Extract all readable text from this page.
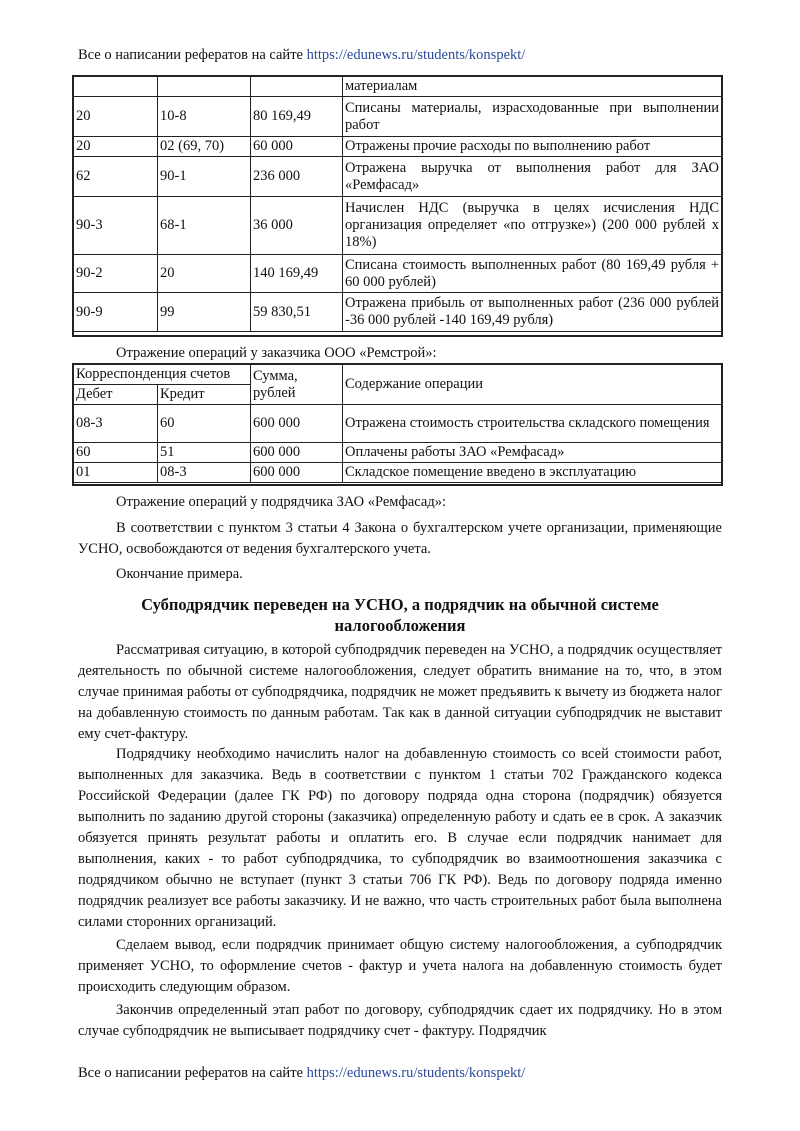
Все о написании рефератов на сайте https://edunews.ru/students/konspekt/
			материалам
20	10-8	80 169,49	Списаны материалы, израсходованные при выполнении работ
20	02 (69, 70)	60 000	Отражены прочие расходы по выполнению работ
62	90-1	236 000	Отражена выручка от выполнения работ для ЗАО «Ремфасад»
90-3	68-1	36 000	Начислен НДС (выручка в целях исчисления НДС организация определяет «по отгрузке») (200 000 рублей х 18%)
90-2	20	140 169,49	Списана стоимость выполненных работ (80 169,49 рубля + 60 000 рублей)
90-9	99	59 830,51	Отражена прибыль от выполненных работ (236 000 рублей -36 000 рублей -140 169,49 рубля)
Отражение операций у заказчика ООО «Ремстрой»:
Корреспонденция счетов		Сумма, рублей	Содержание операции
Дебет	Кредит		
08-3	60	600 000	Отражена стоимость строительства складского помещения
60	51	600 000	Оплачены работы ЗАО «Ремфасад»
01	08-3	600 000	Складское помещение введено в эксплуатацию
Отражение операций у подрядчика ЗАО «Ремфасад»:
В соответствии с пунктом 3 статьи 4 Закона о бухгалтерском учете организации, применяющие УСНО, освобождаются от ведения бухгалтерского учета.
Окончание примера.
Субподрядчик переведен на УСНО, а подрядчик на обычной системе налогообложения
Рассматривая ситуацию, в которой субподрядчик переведен на УСНО, а подрядчик осуществляет деятельность по обычной системе налогообложения, следует обратить внимание на то, что, в этом случае принимая работы от субподрядчика, подрядчик не может предъявить к вычету из бюджета налог на добавленную стоимость по данным работам. Так как в данной ситуации субподрядчик не выставит ему счет-фактуру.
Подрядчику необходимо начислить налог на добавленную стоимость со всей стоимости работ, выполненных для заказчика. Ведь в соответствии с пунктом 1 статьи 702 Гражданского кодекса Российской Федерации (далее ГК РФ) по договору подряда одна сторона (подрядчик) обязуется выполнить по заданию другой стороны (заказчика) определенную работу и сдать ее в срок. А заказчик обязуется принять результат работы и оплатить его. В случае если подрядчик нанимает для выполнения, каких - то работ субподрядчика, то субподрядчик во взаимоотношения заказчика с подрядчиком обычно не вступает (пункт 3 статьи 706 ГК РФ). Ведь по договору подряда именно подрядчик реализует все работы заказчику. И не важно, что часть строительных работ была выполнена силами сторонних организаций.
Сделаем вывод, если подрядчик принимает общую систему налогообложения, а субподрядчик применяет УСНО, то оформление счетов - фактур и учета налога на добавленную стоимость будет происходить следующим образом.
Закончив определенный этап работ по договору, субподрядчик сдает их подрядчику. Но в этом случае субподрядчик не выписывает подрядчику счет - фактуру. Подрядчик
Все о написании рефератов на сайте https://edunews.ru/students/konspekt/
